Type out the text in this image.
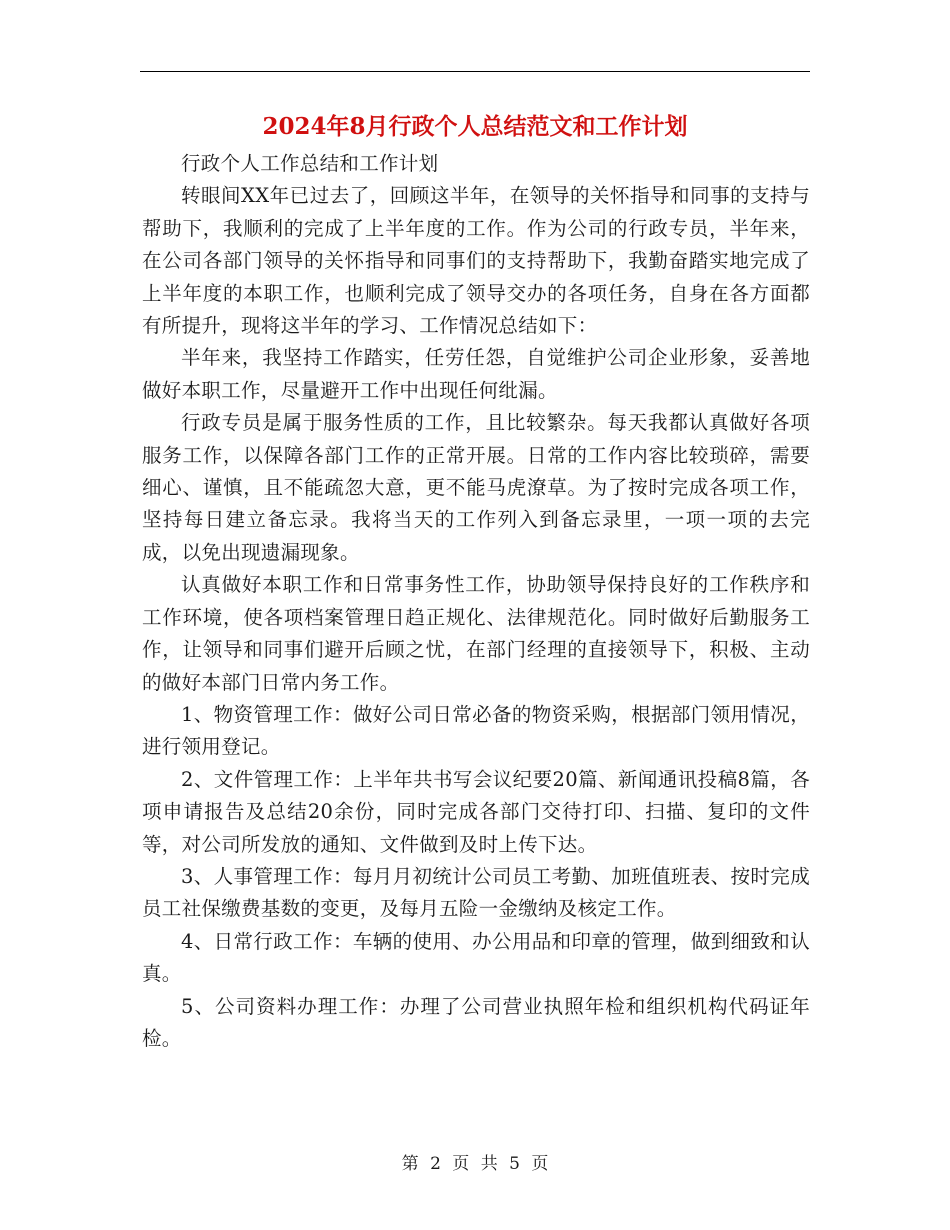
2024年8月行政个人总结范文和工作计划

行政个人工作总结和工作计划

转眼间XX年已过去了，回顾这半年，在领导的关怀指导和同事的支持与帮助下，我顺利的完成了上半年度的工作。作为公司的行政专员，半年来，在公司各部门领导的关怀指导和同事们的支持帮助下，我勤奋踏实地完成了上半年度的本职工作，也顺利完成了领导交办的各项任务，自身在各方面都有所提升，现将这半年的学习、工作情况总结如下：

半年来，我坚持工作踏实，任劳任怨，自觉维护公司企业形象，妥善地做好本职工作，尽量避开工作中出现任何纰漏。

行政专员是属于服务性质的工作，且比较繁杂。每天我都认真做好各项服务工作，以保障各部门工作的正常开展。日常的工作内容比较琐碎，需要细心、谨慎，且不能疏忽大意，更不能马虎潦草。为了按时完成各项工作，坚持每日建立备忘录。我将当天的工作列入到备忘录里，一项一项的去完成，以免出现遗漏现象。

认真做好本职工作和日常事务性工作，协助领导保持良好的工作秩序和工作环境，使各项档案管理日趋正规化、法律规范化。同时做好后勤服务工作，让领导和同事们避开后顾之忧，在部门经理的直接领导下，积极、主动的做好本部门日常内务工作。

1、物资管理工作：做好公司日常必备的物资采购，根据部门领用情况，进行领用登记。

2、文件管理工作：上半年共书写会议纪要20篇、新闻通讯投稿8篇，各项申请报告及总结20余份，同时完成各部门交待打印、扫描、复印的文件等，对公司所发放的通知、文件做到及时上传下达。

3、人事管理工作：每月月初统计公司员工考勤、加班值班表、按时完成员工社保缴费基数的变更，及每月五险一金缴纳及核定工作。

4、日常行政工作：车辆的使用、办公用品和印章的管理，做到细致和认真。

5、公司资料办理工作：办理了公司营业执照年检和组织机构代码证年检。

第 2 页 共 5 页
